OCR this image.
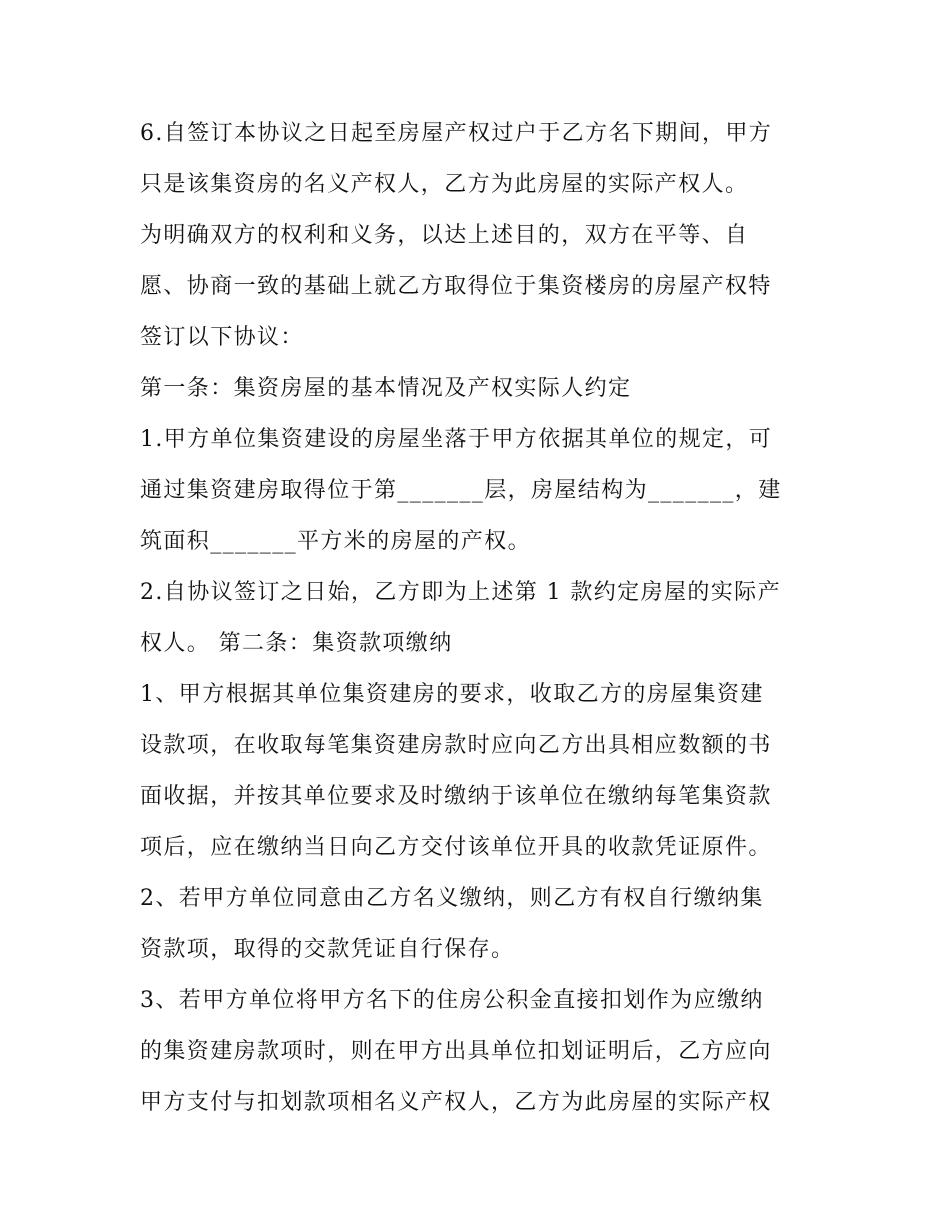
6.自签订本协议之日起至房屋产权过户于乙方名下期间，甲方
只是该集资房的名义产权人，乙方为此房屋的实际产权人。
为明确双方的权利和义务，以达上述目的，双方在平等、自
愿、协商一致的基础上就乙方取得位于集资楼房的房屋产权特
签订以下协议：
第一条：集资房屋的基本情况及产权实际人约定
1.甲方单位集资建设的房屋坐落于甲方依据其单位的规定，可
通过集资建房取得位于第_______层，房屋结构为_______，建
筑面积_______平方米的房屋的产权。
2.自协议签订之日始，乙方即为上述第 1 款约定房屋的实际产
权人。 第二条：集资款项缴纳
1、甲方根据其单位集资建房的要求，收取乙方的房屋集资建
设款项，在收取每笔集资建房款时应向乙方出具相应数额的书
面收据，并按其单位要求及时缴纳于该单位在缴纳每笔集资款
项后，应在缴纳当日向乙方交付该单位开具的收款凭证原件。
2、若甲方单位同意由乙方名义缴纳，则乙方有权自行缴纳集
资款项，取得的交款凭证自行保存。
3、若甲方单位将甲方名下的住房公积金直接扣划作为应缴纳
的集资建房款项时，则在甲方出具单位扣划证明后，乙方应向
甲方支付与扣划款项相名义产权人，乙方为此房屋的实际产权
